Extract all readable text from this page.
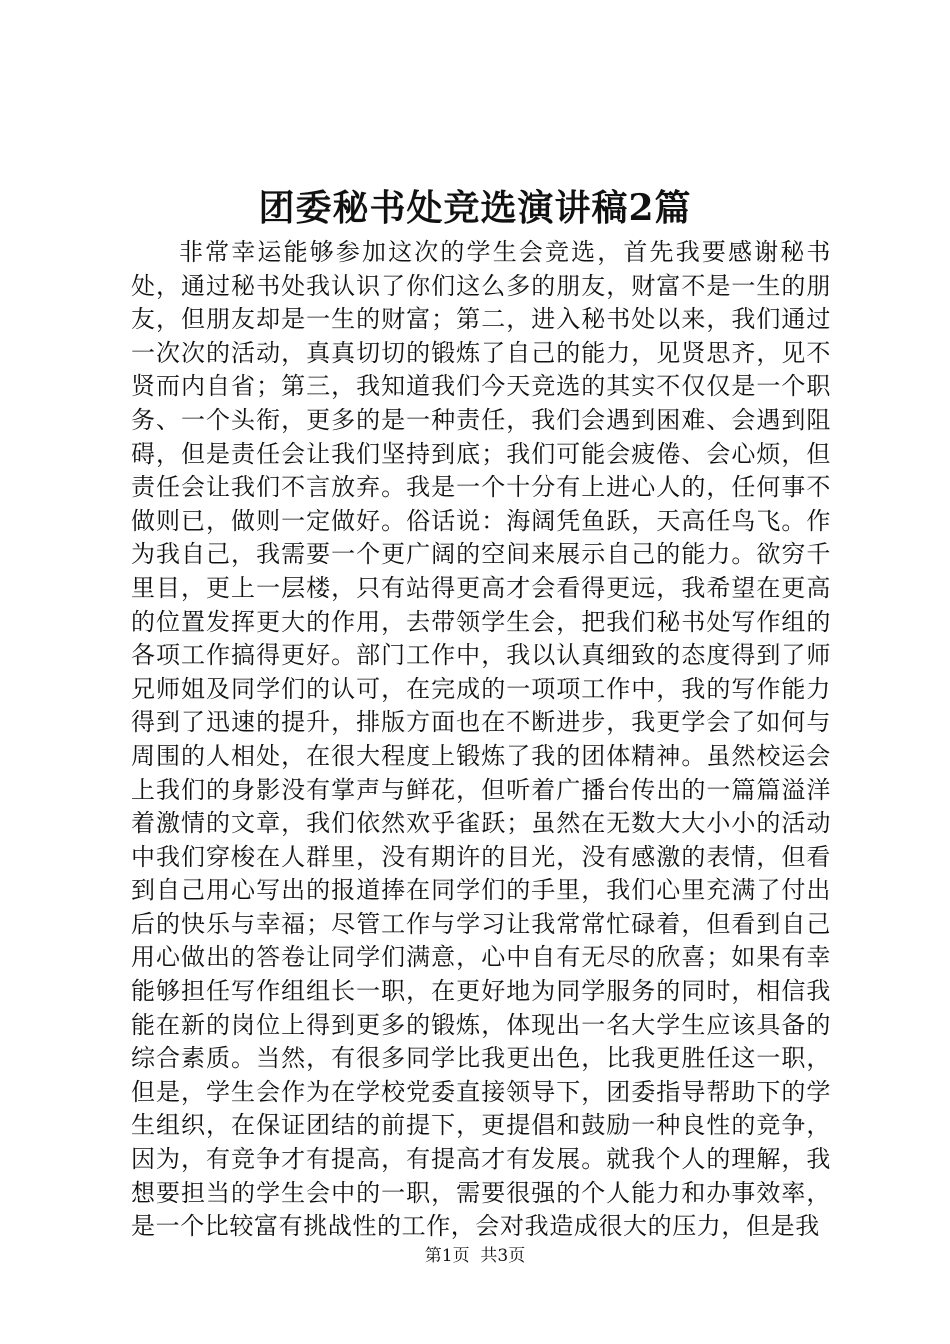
团委秘书处竞选演讲稿2篇

非常幸运能够参加这次的学生会竞选，首先我要感谢秘书处，通过秘书处我认识了你们这么多的朋友，财富不是一生的朋友，但朋友却是一生的财富；第二，进入秘书处以来，我们通过一次次的活动，真真切切的锻炼了自己的能力，见贤思齐，见不贤而内自省；第三，我知道我们今天竞选的其实不仅仅是一个职务、一个头衔，更多的是一种责任，我们会遇到困难、会遇到阻碍，但是责任会让我们坚持到底；我们可能会疲倦、会心烦，但责任会让我们不言放弃。我是一个十分有上进心人的，任何事不做则已，做则一定做好。俗话说：海阔凭鱼跃，天高任鸟飞。作为我自己，我需要一个更广阔的空间来展示自己的能力。欲穷千里目，更上一层楼，只有站得更高才会看得更远，我希望在更高的位置发挥更大的作用，去带领学生会，把我们秘书处写作组的各项工作搞得更好。部门工作中，我以认真细致的态度得到了师兄师姐及同学们的认可，在完成的一项项工作中，我的写作能力得到了迅速的提升，排版方面也在不断进步，我更学会了如何与周围的人相处，在很大程度上锻炼了我的团体精神。虽然校运会上我们的身影没有掌声与鲜花，但听着广播台传出的一篇篇溢洋着激情的文章，我们依然欢乎雀跃；虽然在无数大大小小的活动中我们穿梭在人群里，没有期许的目光，没有感激的表情，但看到自己用心写出的报道捧在同学们的手里，我们心里充满了付出后的快乐与幸福；尽管工作与学习让我常常忙碌着，但看到自己用心做出的答卷让同学们满意，心中自有无尽的欣喜；如果有幸能够担任写作组组长一职，在更好地为同学服务的同时，相信我能在新的岗位上得到更多的锻炼，体现出一名大学生应该具备的综合素质。当然，有很多同学比我更出色，比我更胜任这一职，但是，学生会作为在学校党委直接领导下，团委指导帮助下的学生组织，在保证团结的前提下，更提倡和鼓励一种良性的竞争，因为，有竞争才有提高，有提高才有发展。就我个人的理解，我想要担当的学生会中的一职，需要很强的个人能力和办事效率，是一个比较富有挑战性的工作，会对我造成很大的压力，但是我

第1页 共3页
